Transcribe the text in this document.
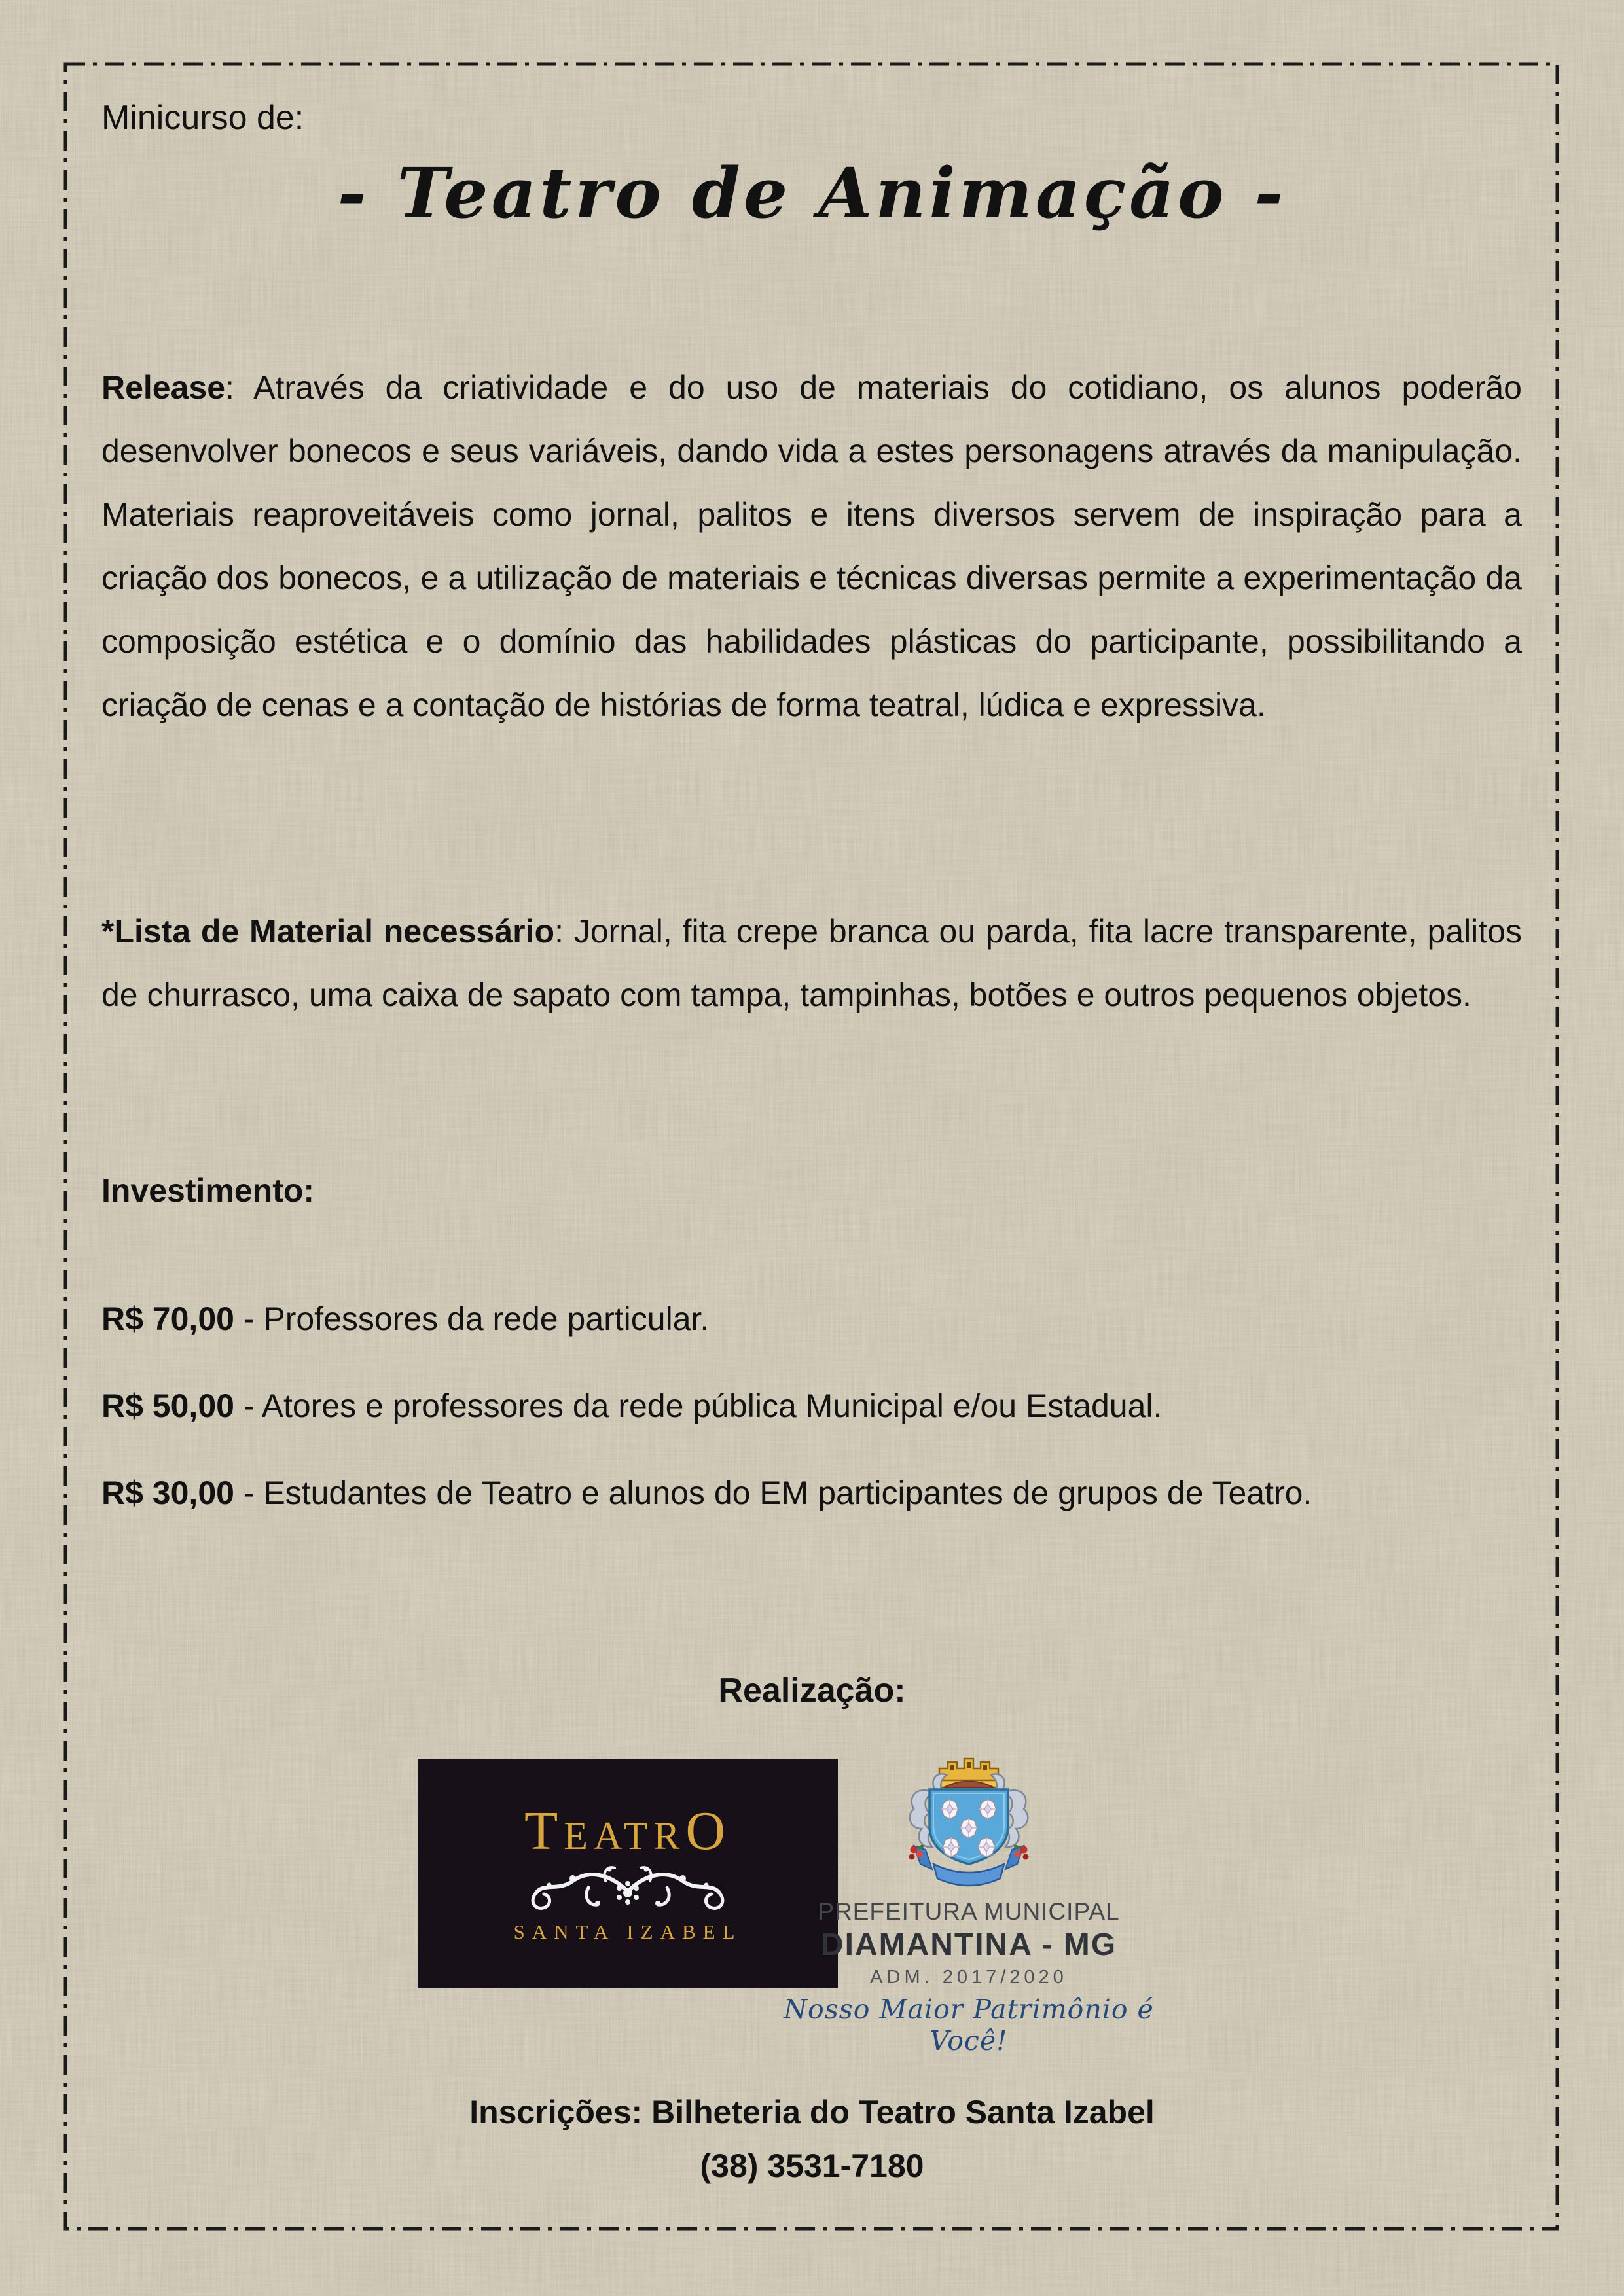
Minicurso de:
- Teatro de Animação -

Release: Através da criatividade e do uso de materiais do cotidiano, os alunos poderão desenvolver bonecos e seus variáveis, dando vida a estes personagens através da manipulação. Materiais reaproveitáveis como jornal, palitos e itens diversos servem de inspiração para a criação dos bonecos, e a utilização de materiais e técnicas diversas permite a experimentação da composição estética e o domínio das habilidades plásticas do participante, possibilitando a criação de cenas e a contação de histórias de forma teatral, lúdica e expressiva.

*Lista de Material necessário: Jornal, fita crepe branca ou parda, fita lacre transparente, palitos de churrasco, uma caixa de sapato com tampa, tampinhas, botões e outros pequenos objetos.

Investimento:

R$ 70,00 - Professores da rede particular.

R$ 50,00 - Atores e professores da rede pública Municipal e/ou Estadual.

R$ 30,00 - Estudantes de Teatro e alunos do EM participantes de grupos de Teatro.

Realização:
T EATR O
SANTA IZABEL
PREFEITURA MUNICIPAL
DIAMANTINA - MG
ADM. 2017/2020
Nosso Maior Patrimônio é Você!
Inscrições: Bilheteria do Teatro Santa Izabel
(38) 3531-7180
